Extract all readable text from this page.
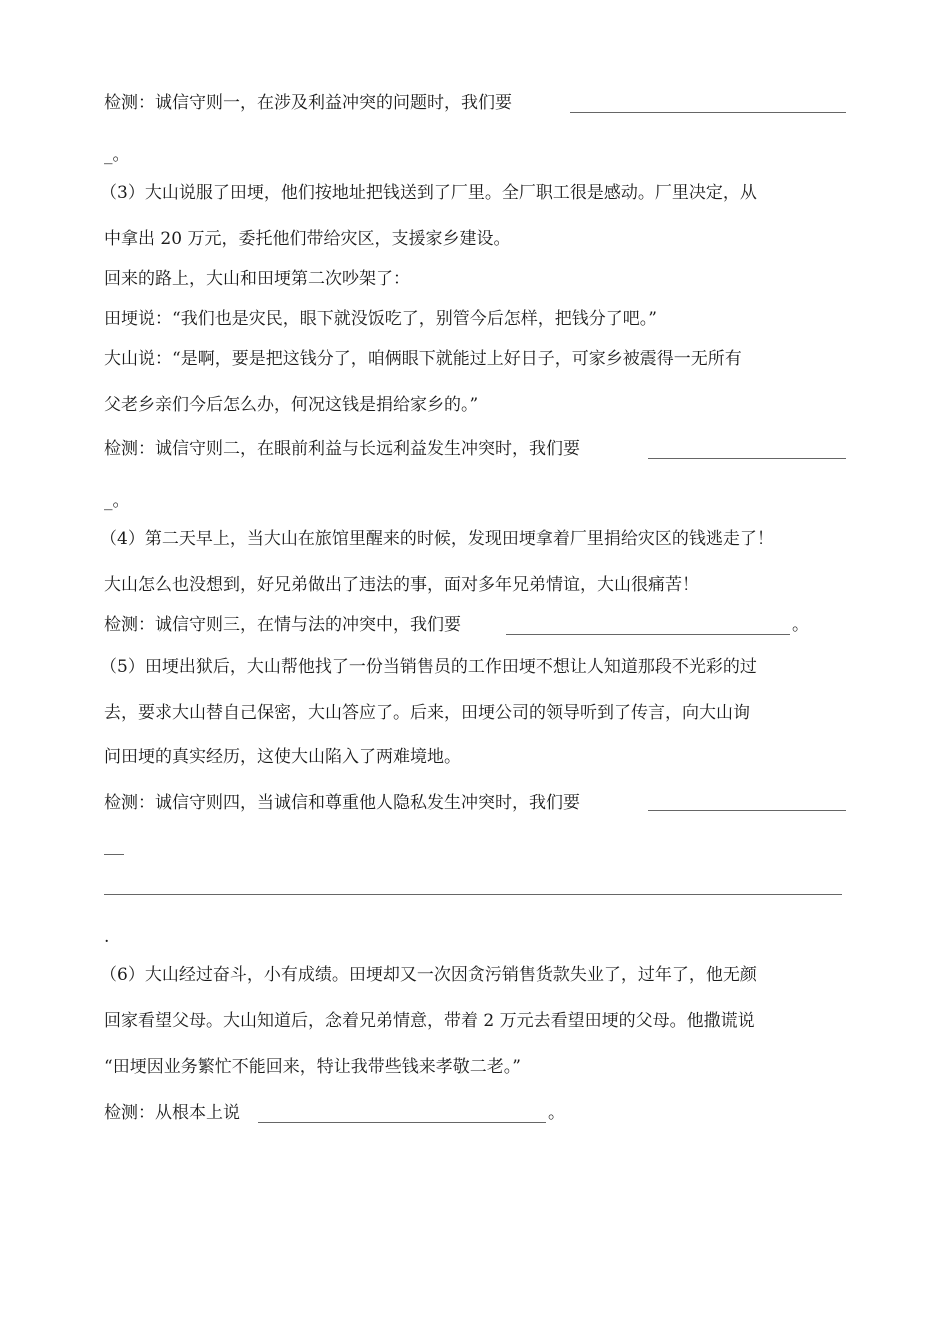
检测：诚信守则一，在涉及利益冲突的问题时，我们要
_。
（3）大山说服了田埂，他们按地址把钱送到了厂里。全厂职工很是感动。厂里决定，从
中拿出 20 万元，委托他们带给灾区，支援家乡建设。
回来的路上，大山和田埂第二次吵架了：
田埂说：“我们也是灾民，眼下就没饭吃了，别管今后怎样，把钱分了吧。”
大山说：“是啊，要是把这钱分了，咱俩眼下就能过上好日子，可家乡被震得一无所有
父老乡亲们今后怎么办，何况这钱是捐给家乡的。”
检测：诚信守则二，在眼前利益与长远利益发生冲突时，我们要
_。
（4）第二天早上，当大山在旅馆里醒来的时候，发现田埂拿着厂里捐给灾区的钱逃走了！
大山怎么也没想到，好兄弟做出了违法的事，面对多年兄弟情谊，大山很痛苦！
检测：诚信守则三，在情与法的冲突中，我们要	。
（5）田埂出狱后，大山帮他找了一份当销售员的工作田埂不想让人知道那段不光彩的过
去，要求大山替自己保密，大山答应了。后来，田埂公司的领导听到了传言，向大山询
问田埂的真实经历，这使大山陷入了两难境地。
检测：诚信守则四，当诚信和尊重他人隐私发生冲突时，我们要
.
（6）大山经过奋斗，小有成绩。田埂却又一次因贪污销售货款失业了，过年了，他无颜
回家看望父母。大山知道后，念着兄弟情意，带着 2 万元去看望田埂的父母。他撒谎说
“田埂因业务繁忙不能回来，特让我带些钱来孝敬二老。”
检测：从根本上说	。
